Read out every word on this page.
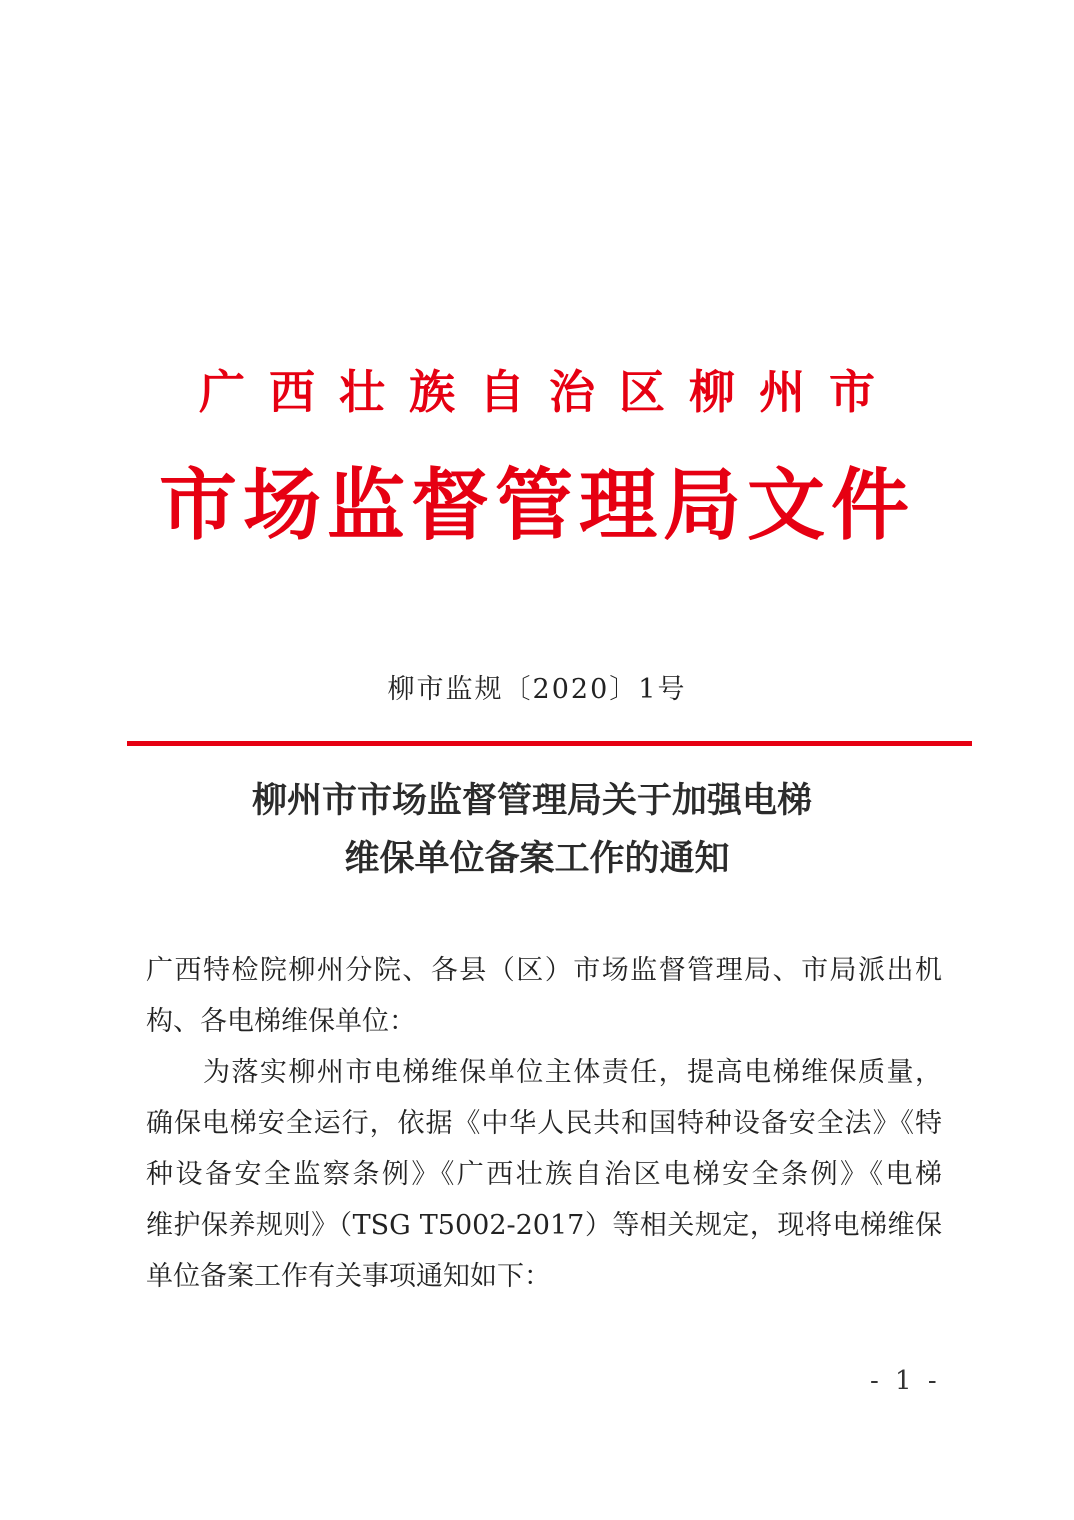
广西壮族自治区柳州市
市场监督管理局文件
柳市监规〔2020〕1号
柳州市市场监督管理局关于加强电梯
维保单位备案工作的通知
广西特检院柳州分院、各县（区）市场监督管理局、市局派出机
构、各电梯维保单位：
　　为落实柳州市电梯维保单位主体责任，提高电梯维保质量，
确保电梯安全运行，依据《中华人民共和国特种设备安全法》《特
种设备安全监察条例》《广西壮族自治区电梯安全条例》《电梯
维护保养规则》（TSG T5002-2017）等相关规定，现将电梯维保
单位备案工作有关事项通知如下：
- 1 -
